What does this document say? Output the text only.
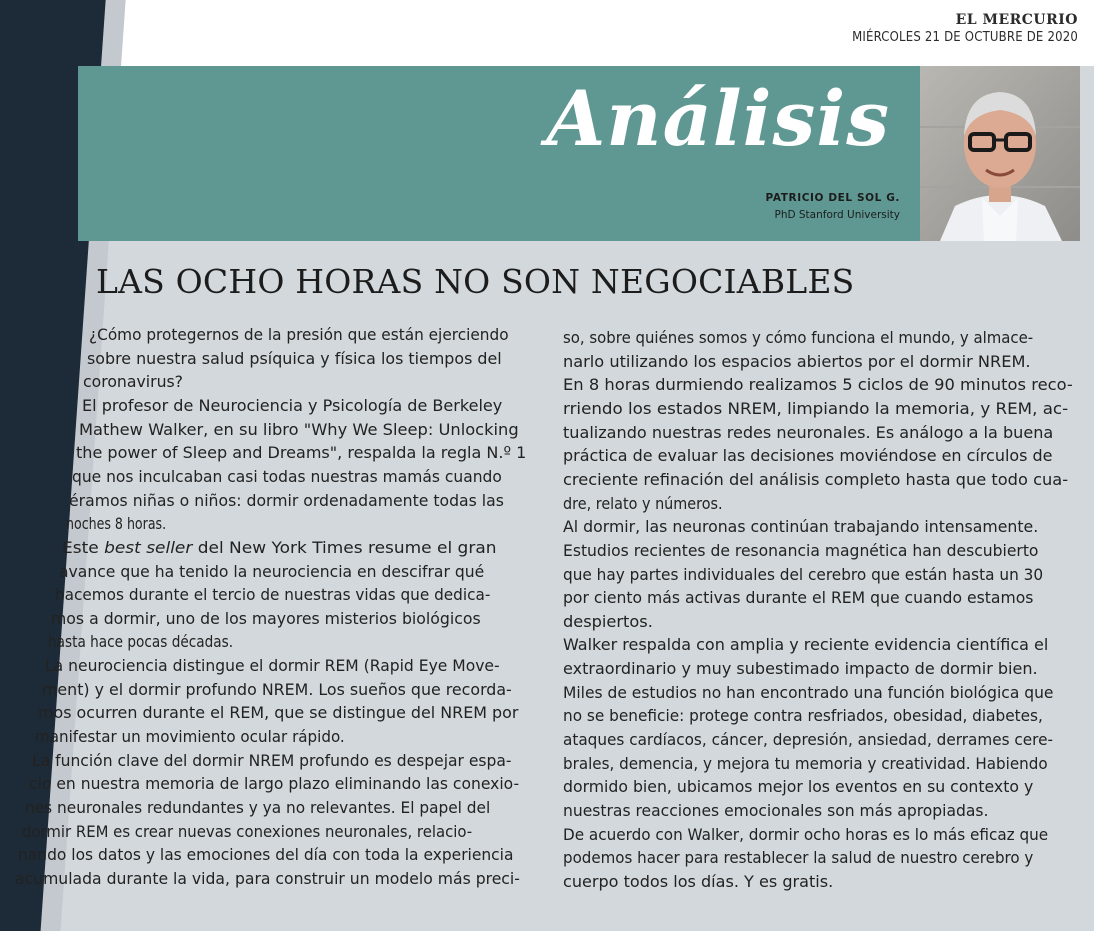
EL MERCURIO
MIÉRCOLES 21 DE OCTUBRE DE 2020
Análisis
PATRICIO DEL SOL G.
PhD Stanford University
LAS OCHO HORAS NO SON NEGOCIABLES
¿Cómo protegernos de la presión que están ejerciendo
sobre nuestra salud psíquica y física los tiempos del
coronavirus?
El profesor de Neurociencia y Psicología de Berkeley
Mathew Walker, en su libro "Why We Sleep: Unlocking
the power of Sleep and Dreams", respalda la regla N.º 1
que nos inculcaban casi todas nuestras mamás cuando
éramos niñas o niños: dormir ordenadamente todas las
noches 8 horas.
Este best seller del New York Times resume el gran
avance que ha tenido la neurociencia en descifrar qué
hacemos durante el tercio de nuestras vidas que dedica-
mos a dormir, uno de los mayores misterios biológicos
hasta hace pocas décadas.
La neurociencia distingue el dormir REM (Rapid Eye Move-
ment) y el dormir profundo NREM. Los sueños que recorda-
mos ocurren durante el REM, que se distingue del NREM por
manifestar un movimiento ocular rápido.
La función clave del dormir NREM profundo es despejar espa-
cio en nuestra memoria de largo plazo eliminando las conexio-
nes neuronales redundantes y ya no relevantes. El papel del
dormir REM es crear nuevas conexiones neuronales, relacio-
nando los datos y las emociones del día con toda la experiencia
acumulada durante la vida, para construir un modelo más preci-
so, sobre quiénes somos y cómo funciona el mundo, y almace-
narlo utilizando los espacios abiertos por el dormir NREM.
En 8 horas durmiendo realizamos 5 ciclos de 90 minutos reco-
rriendo los estados NREM, limpiando la memoria, y REM, ac-
tualizando nuestras redes neuronales. Es análogo a la buena
práctica de evaluar las decisiones moviéndose en círculos de
creciente refinación del análisis completo hasta que todo cua-
dre, relato y números.
Al dormir, las neuronas continúan trabajando intensamente.
Estudios recientes de resonancia magnética han descubierto
que hay partes individuales del cerebro que están hasta un 30
por ciento más activas durante el REM que cuando estamos
despiertos.
Walker respalda con amplia y reciente evidencia científica el
extraordinario y muy subestimado impacto de dormir bien.
Miles de estudios no han encontrado una función biológica que
no se beneficie: protege contra resfriados, obesidad, diabetes,
ataques cardíacos, cáncer, depresión, ansiedad, derrames cere-
brales, demencia, y mejora tu memoria y creatividad. Habiendo
dormido bien, ubicamos mejor los eventos en su contexto y
nuestras reacciones emocionales son más apropiadas.
De acuerdo con Walker, dormir ocho horas es lo más eficaz que
podemos hacer para restablecer la salud de nuestro cerebro y
cuerpo todos los días. Y es gratis.
